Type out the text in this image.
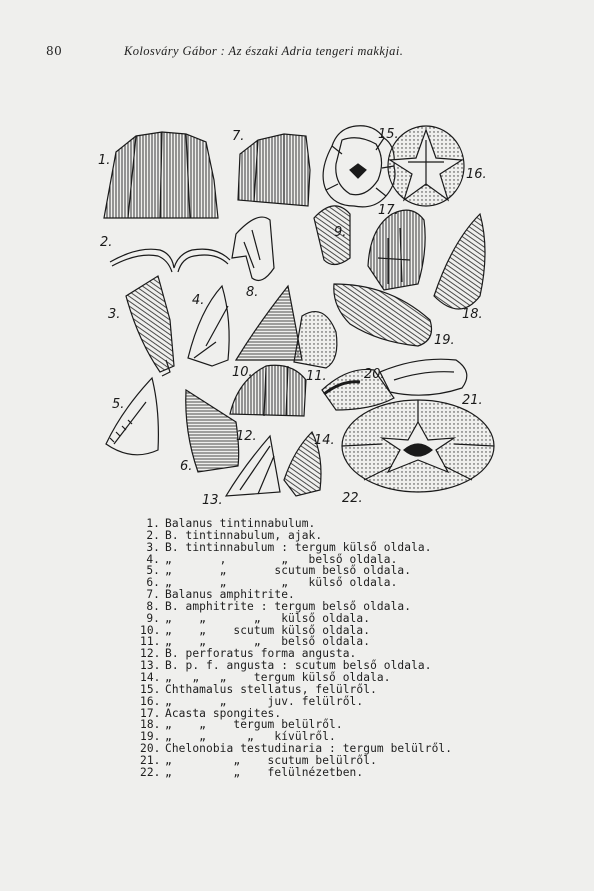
80	Kolosváry Gábor : Az északi Adria tengeri makkjai.
1.
2.
3.
4.
5.
6.
7.
8.
9.
10.	11.
12.
13.
14.
15.
16.
17.
18.
19.
20.
21.
22.
1. Balanus tintinnabulum.
2. B. tintinnabulum, ajak.
3. B. tintinnabulum : tergum külső oldala.
4. „       ,        „   belső oldala.
5. „       „       scutum belső oldala.
6. „       „        „   külső oldala.
7. Balanus amphitrite.
8. B. amphitrite : tergum belső oldala.
9. „    „       „   külső oldala.
10. „    „    scutum külső oldala.
11. „    „       „   belső oldala.
12. B. perforatus forma angusta.
13. B. p. f. angusta : scutum belső oldala.
14. „   „   „    tergum külső oldala.
15. Chthamalus stellatus, felülről.
16. „       „      juv. felülről.
17. Acasta spongites.
18. „    „    tergum belülről.
19. „    „      „   kívülről.
20. Chelonobia testudinaria : tergum belülről.
21. „         „    scutum belülről.
22. „         „    felülnézetben.
